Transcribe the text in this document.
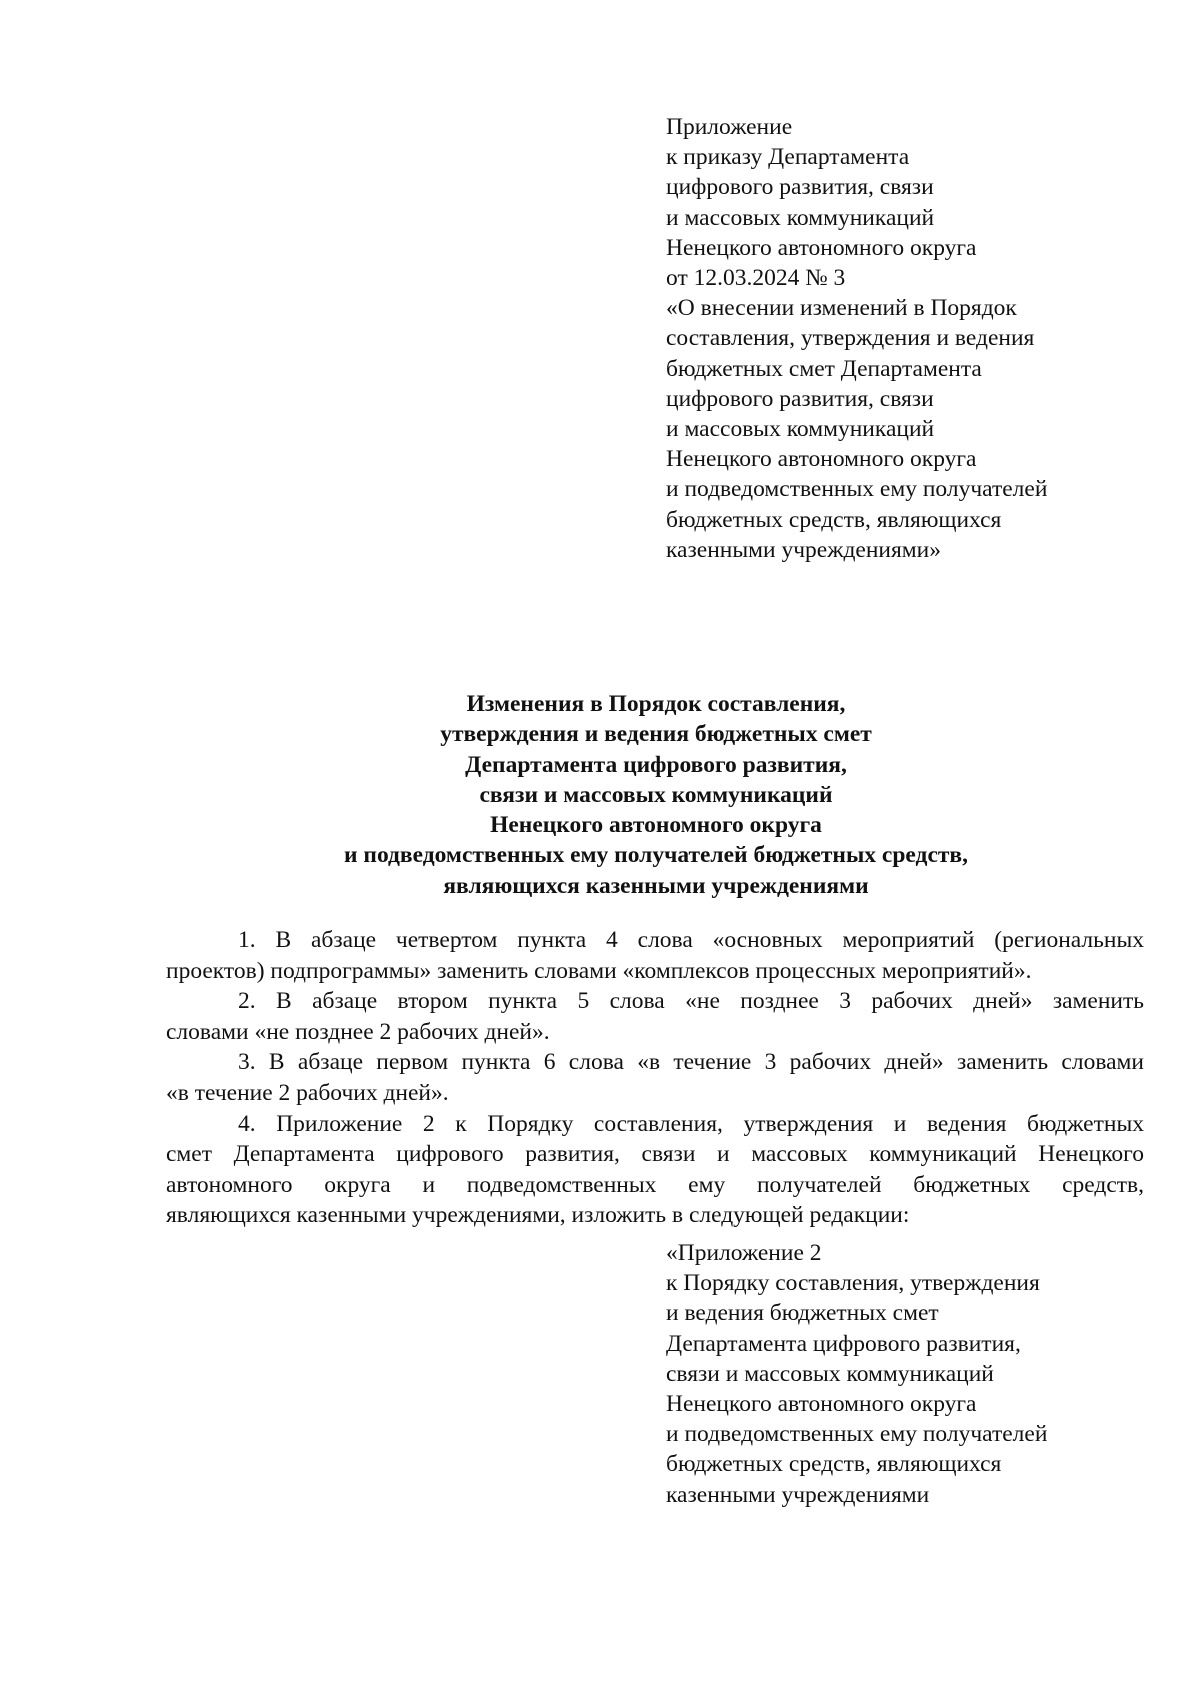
Приложение
к приказу Департамента
цифрового развития, связи
и массовых коммуникаций
Ненецкого автономного округа
от 12.03.2024 № 3
«О внесении изменений в Порядок
составления, утверждения и ведения
бюджетных смет Департамента
цифрового развития, связи
и массовых коммуникаций
Ненецкого автономного округа
и подведомственных ему получателей
бюджетных средств, являющихся
казенными учреждениями»
Изменения в Порядок составления,
утверждения и ведения бюджетных смет
Департамента цифрового развития,
связи и массовых коммуникаций
Ненецкого автономного округа
и подведомственных ему получателей бюджетных средств,
являющихся казенными учреждениями
1. В абзаце четвертом пункта 4 слова «основных мероприятий (региональных
проектов) подпрограммы» заменить словами «комплексов процессных мероприятий».
2. В абзаце втором пункта 5 слова «не позднее 3 рабочих дней» заменить
словами «не позднее 2 рабочих дней».
3. В абзаце первом пункта 6 слова «в течение 3 рабочих дней» заменить словами
«в течение 2 рабочих дней».
4. Приложение 2 к Порядку составления, утверждения и ведения бюджетных
смет Департамента цифрового развития, связи и массовых коммуникаций Ненецкого
автономного округа и подведомственных ему получателей бюджетных средств,
являющихся казенными учреждениями, изложить в следующей редакции:
«Приложение 2
к Порядку составления, утверждения
и ведения бюджетных смет
Департамента цифрового развития,
связи и массовых коммуникаций
Ненецкого автономного округа
и подведомственных ему получателей
бюджетных средств, являющихся
казенными учреждениями
